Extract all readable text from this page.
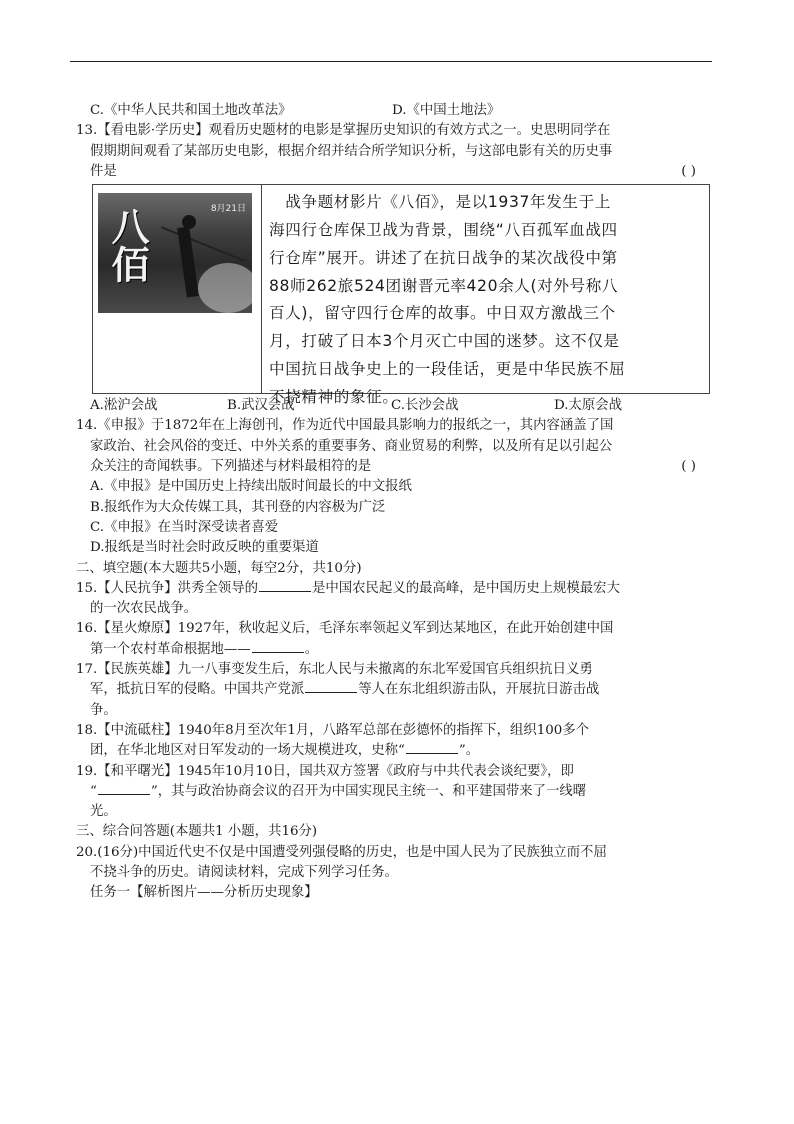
C.《中华人民共和国土地改革法》	D.《中国土地法》
13.【看电影·学历史】观看历史题材的电影是掌握历史知识的有效方式之一。史思明同学在
假期期间观看了某部历史电影，根据介绍并结合所学知识分析，与这部电影有关的历史事
件是	( )
八佰	8月21日 　战争题材影片《八佰》，是以1937年发生于上
海四行仓库保卫战为背景，围绕“八百孤军血战四
行仓库”展开。讲述了在抗日战争的某次战役中第
88师262旅524团谢晋元率420余人(对外号称八
百人)，留守四行仓库的故事。中日双方激战三个
月，打破了日本3个月灭亡中国的迷梦。这不仅是
中国抗日战争史上的一段佳话，更是中华民族不屈
不挠精神的象征。
A.淞沪会战	B.武汉会战	C.长沙会战	D.太原会战
14.《申报》于1872年在上海创刊，作为近代中国最具影响力的报纸之一，其内容涵盖了国
家政治、社会风俗的变迁、中外关系的重要事务、商业贸易的利弊，以及所有足以引起公
众关注的奇闻轶事。下列描述与材料最相符的是	( )
A.《申报》是中国历史上持续出版时间最长的中文报纸
B.报纸作为大众传媒工具，其刊登的内容极为广泛
C.《申报》在当时深受读者喜爱
D.报纸是当时社会时政反映的重要渠道
二、填空题(本大题共5小题，每空2分，共10分)
15.【人民抗争】洪秀全领导的	是中国农民起义的最高峰，是中国历史上规模最宏大
的一次农民战争。
16.【星火燎原】1927年，秋收起义后，毛泽东率领起义军到达某地区，在此开始创建中国
第一个农村革命根据地——	。
17.【民族英雄】九一八事变发生后，东北人民与未撤离的东北军爱国官兵组织抗日义勇
军，抵抗日军的侵略。中国共产党派	等人在东北组织游击队，开展抗日游击战
争。
18.【中流砥柱】1940年8月至次年1月，八路军总部在彭德怀的指挥下，组织100多个
团，在华北地区对日军发动的一场大规模进攻，史称“	”。
19.【和平曙光】1945年10月10日，国共双方签署《政府与中共代表会谈纪要》，即
“	”，其与政治协商会议的召开为中国实现民主统一、和平建国带来了一线曙
光。
三、综合问答题(本题共1 小题，共16分)
20.(16分)中国近代史不仅是中国遭受列强侵略的历史，也是中国人民为了民族独立而不屈
不挠斗争的历史。请阅读材料，完成下列学习任务。
任务一【解析图片——分析历史现象】
